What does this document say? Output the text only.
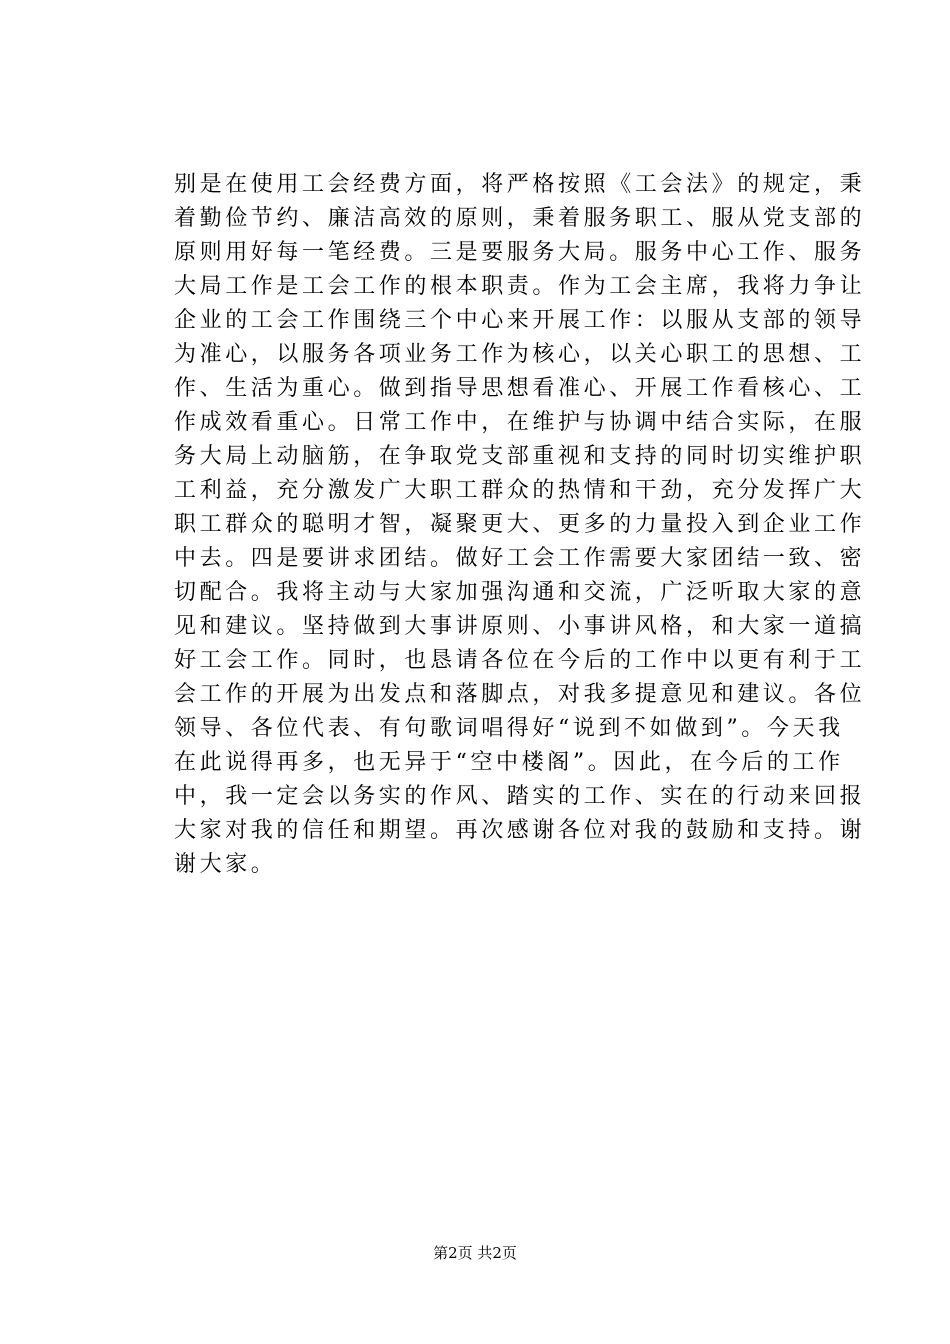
别是在使用工会经费方面，将严格按照《工会法》的规定，秉
着勤俭节约、廉洁高效的原则，秉着服务职工、服从党支部的
原则用好每一笔经费。三是要服务大局。服务中心工作、服务
大局工作是工会工作的根本职责。作为工会主席，我将力争让
企业的工会工作围绕三个中心来开展工作：以服从支部的领导
为准心，以服务各项业务工作为核心，以关心职工的思想、工
作、生活为重心。做到指导思想看准心、开展工作看核心、工
作成效看重心。日常工作中，在维护与协调中结合实际，在服
务大局上动脑筋，在争取党支部重视和支持的同时切实维护职
工利益，充分激发广大职工群众的热情和干劲，充分发挥广大
职工群众的聪明才智，凝聚更大、更多的力量投入到企业工作
中去。四是要讲求团结。做好工会工作需要大家团结一致、密
切配合。我将主动与大家加强沟通和交流，广泛听取大家的意
见和建议。坚持做到大事讲原则、小事讲风格，和大家一道搞
好工会工作。同时，也恳请各位在今后的工作中以更有利于工
会工作的开展为出发点和落脚点，对我多提意见和建议。各位
领导、各位代表、有句歌词唱得好“说到不如做到”。今天我
在此说得再多，也无异于“空中楼阁”。因此，在今后的工作
中，我一定会以务实的作风、踏实的工作、实在的行动来回报
大家对我的信任和期望。再次感谢各位对我的鼓励和支持。谢
谢大家。
第2页 共2页
